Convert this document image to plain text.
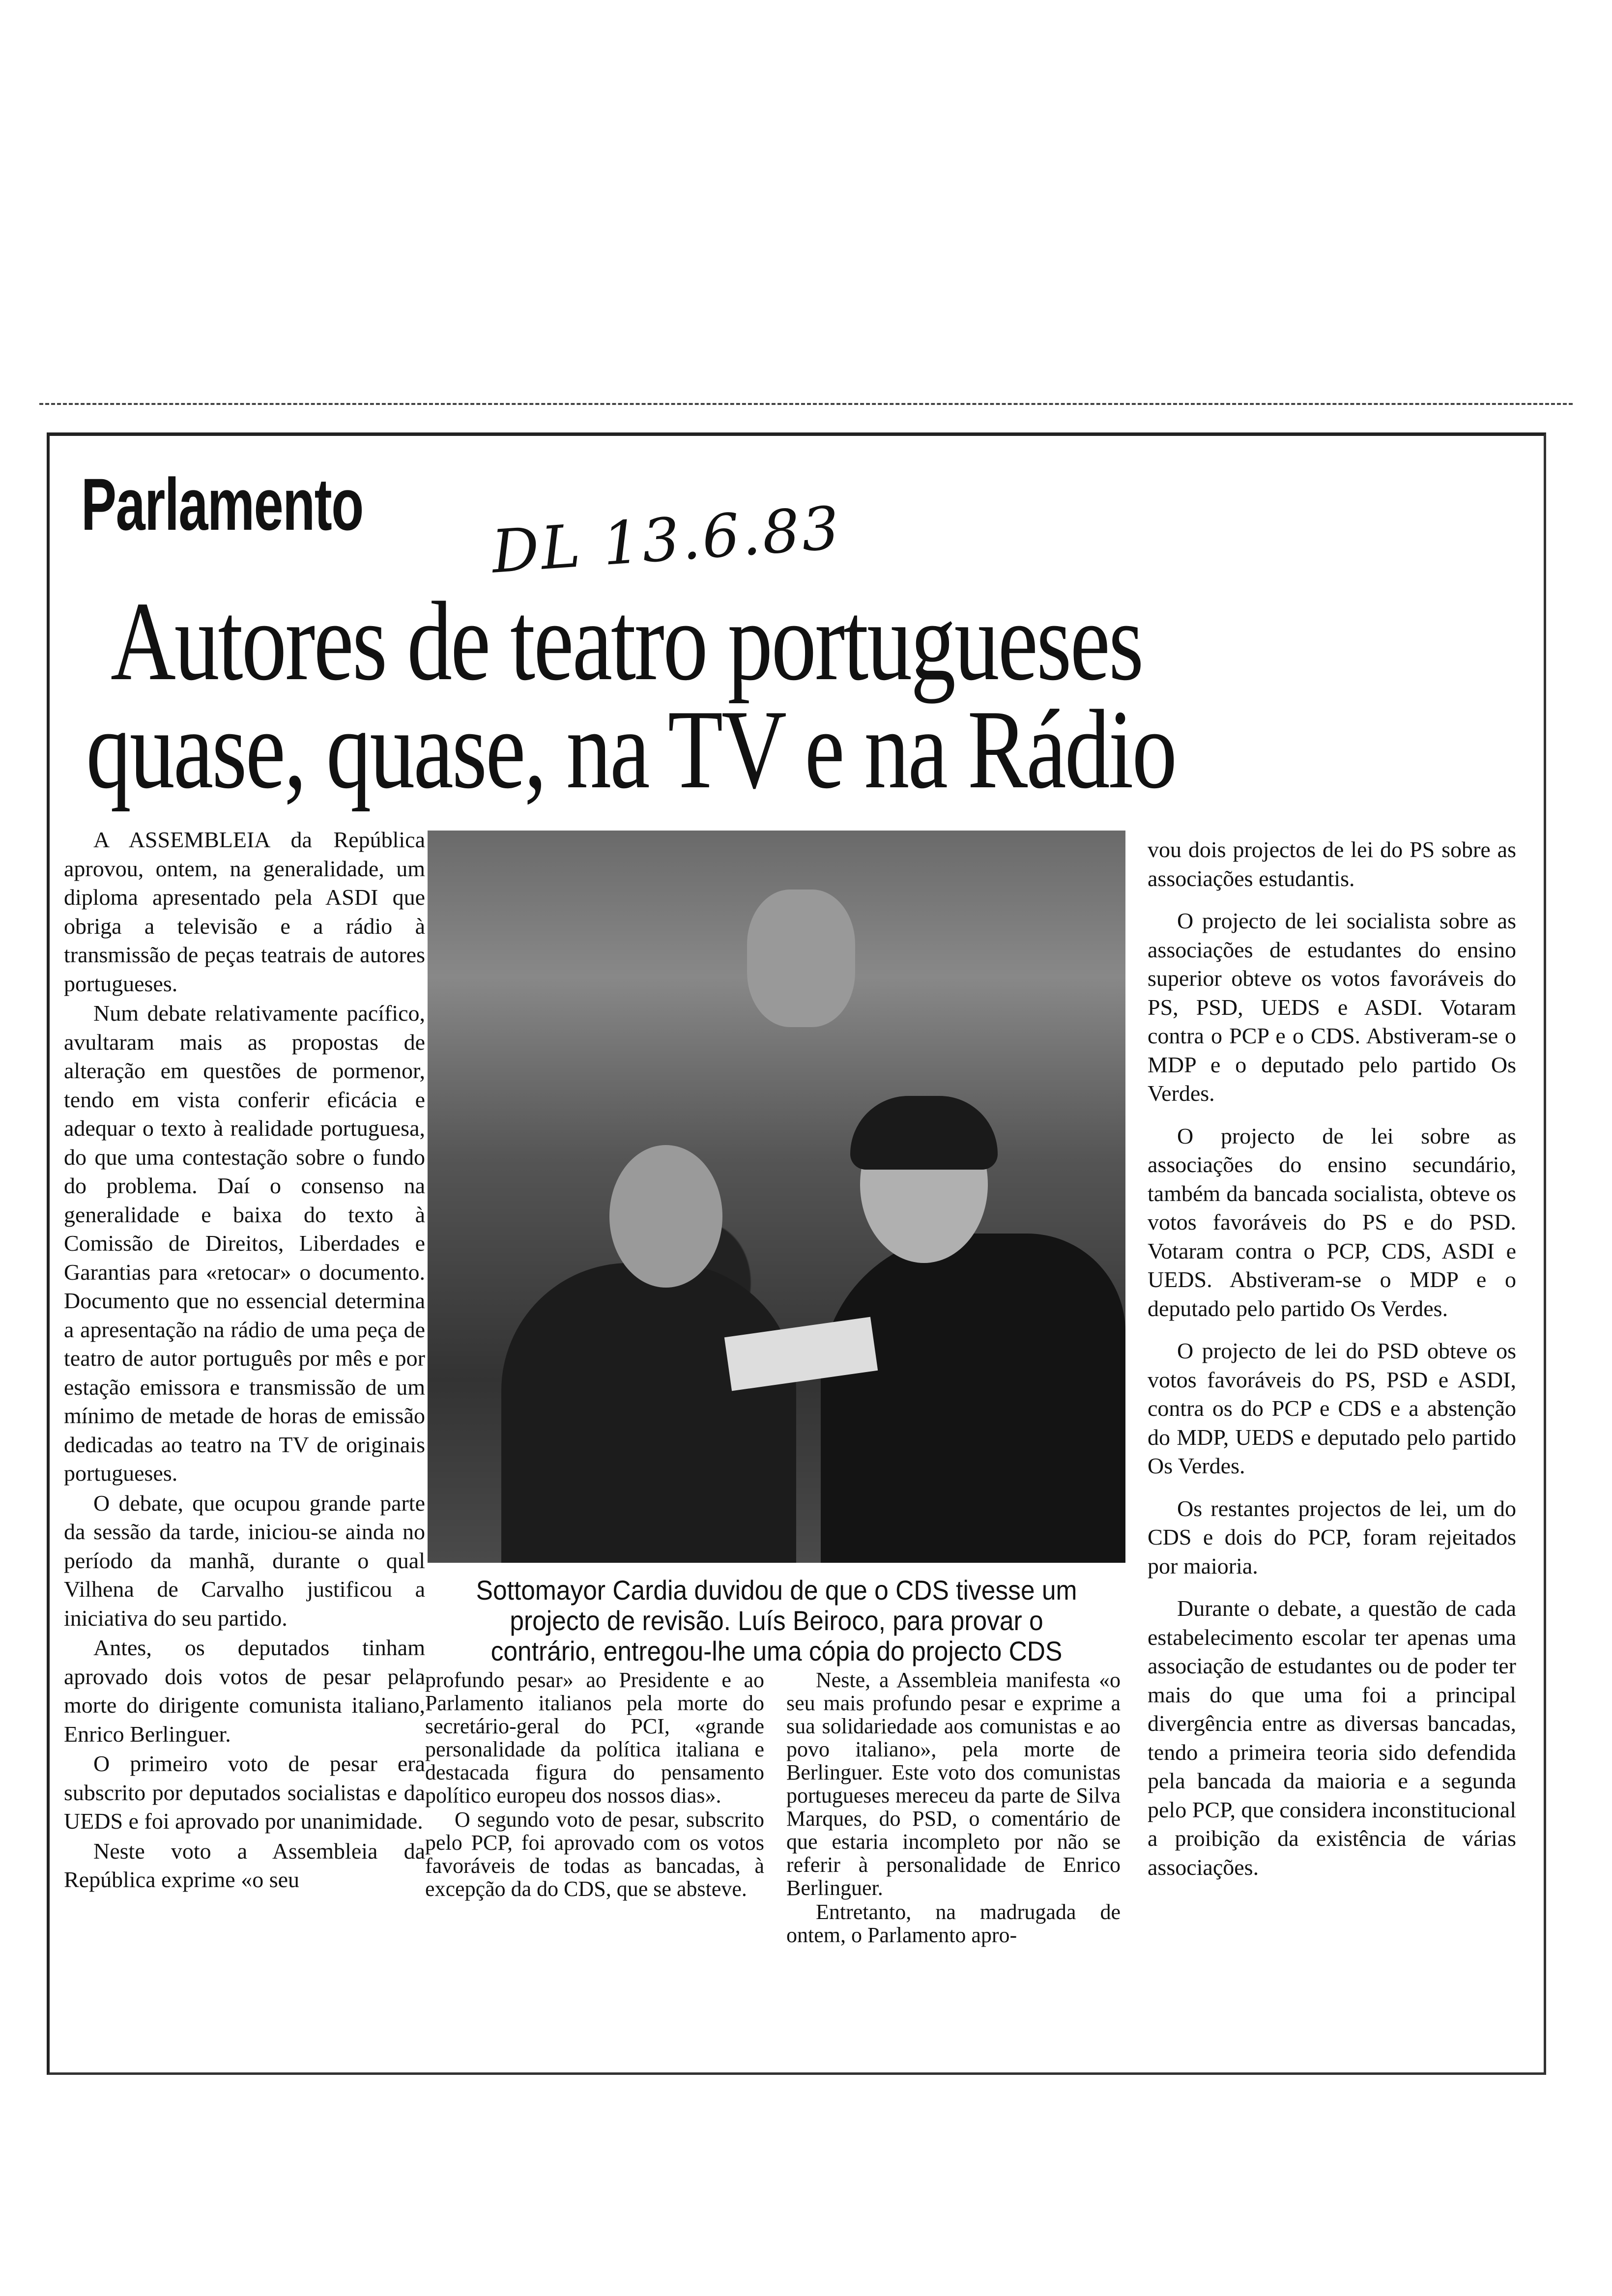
Parlamento DL 13.6.83
Autores de teatro portugueses
quase, quase, na TV e na Rádio

A ASSEMBLEIA da República aprovou, ontem, na generalidade, um diploma apresentado pela ASDI que obriga a televisão e a rádio à transmissão de peças teatrais de autores portugueses.

Num debate relativamente pacífico, avultaram mais as propostas de alteração em questões de pormenor, tendo em vista conferir eficácia e adequar o texto à realidade portuguesa, do que uma contestação sobre o fundo do problema. Daí o consenso na generalidade e baixa do texto à Comissão de Direitos, Liberdades e Garantias para «retocar» o documento. Documento que no essencial determina a apresentação na rádio de uma peça de teatro de autor português por mês e por estação emissora e transmissão de um mínimo de metade de horas de emissão dedicadas ao teatro na TV de originais portugueses.

O debate, que ocupou grande parte da sessão da tarde, iniciou-se ainda no período da manhã, durante o qual Vilhena de Carvalho justificou a iniciativa do seu partido.

Antes, os deputados tinham aprovado dois votos de pesar pela morte do dirigente comunista italiano, Enrico Berlinguer.

O primeiro voto de pesar era subscrito por deputados socialistas e da UEDS e foi aprovado por unanimidade.

Neste voto a Assembleia da República exprime «o seu

Sottomayor Cardia duvidou de que o CDS tivesse um projecto de revisão. Luís Beiroco, para provar o contrário, entregou-lhe uma cópia do projecto CDS

profundo pesar» ao Presidente e ao Parlamento italianos pela morte do secretário-geral do PCI, «grande personalidade da política italiana e destacada figura do pensamento político europeu dos nossos dias».

O segundo voto de pesar, subscrito pelo PCP, foi aprovado com os votos favoráveis de todas as bancadas, à excepção da do CDS, que se absteve.

Neste, a Assembleia manifesta «o seu mais profundo pesar e exprime a sua solidariedade aos comunistas e ao povo italiano», pela morte de Berlinguer. Este voto dos comunistas portugueses mereceu da parte de Silva Marques, do PSD, o comentário de que estaria incompleto por não se referir à personalidade de Enrico Berlinguer.

Entretanto, na madrugada de ontem, o Parlamento apro-

vou dois projectos de lei do PS sobre as associações estudantis.

O projecto de lei socialista sobre as associações de estudantes do ensino superior obteve os votos favoráveis do PS, PSD, UEDS e ASDI. Votaram contra o PCP e o CDS. Abstiveram-se o MDP e o deputado pelo partido Os Verdes.

O projecto de lei sobre as associações do ensino secundário, também da bancada socialista, obteve os votos favoráveis do PS e do PSD. Votaram contra o PCP, CDS, ASDI e UEDS. Abstiveram-se o MDP e o deputado pelo partido Os Verdes.

O projecto de lei do PSD obteve os votos favoráveis do PS, PSD e ASDI, contra os do PCP e CDS e a abstenção do MDP, UEDS e deputado pelo partido Os Verdes.

Os restantes projectos de lei, um do CDS e dois do PCP, foram rejeitados por maioria.

Durante o debate, a questão de cada estabelecimento escolar ter apenas uma associação de estudantes ou de poder ter mais do que uma foi a principal divergência entre as diversas bancadas, tendo a primeira teoria sido defendida pela bancada da maioria e a segunda pelo PCP, que considera inconstitucional a proibição da existência de várias associações.
